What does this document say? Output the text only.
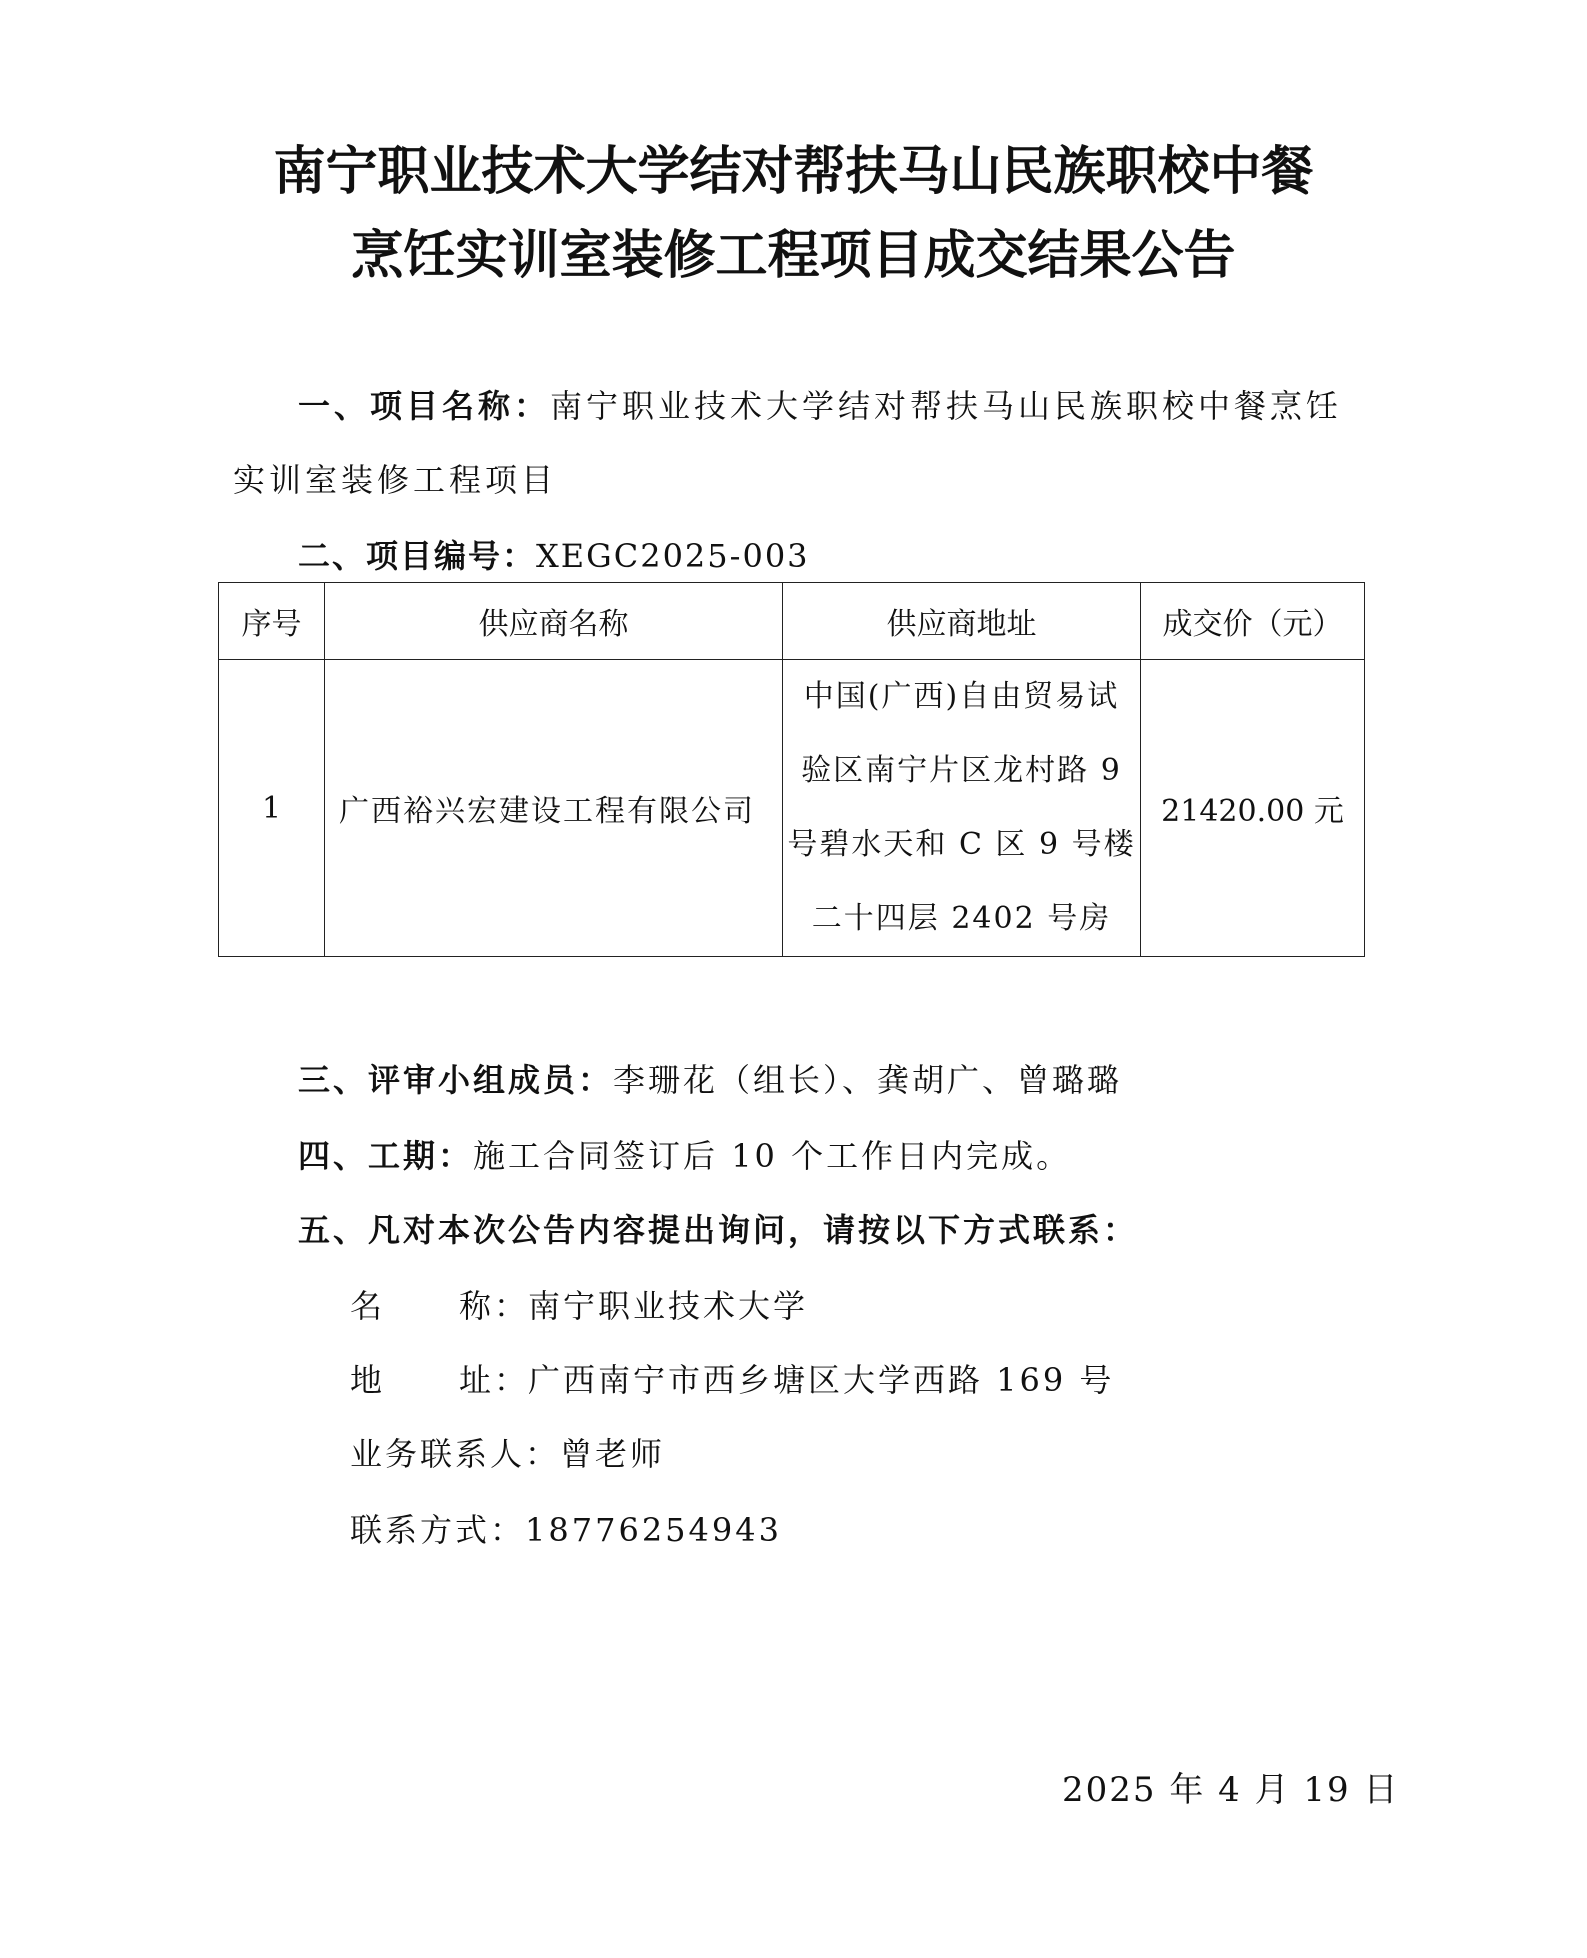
南宁职业技术大学结对帮扶马山民族职校中餐
烹饪实训室装修工程项目成交结果公告
一、项目名称：南宁职业技术大学结对帮扶马山民族职校中餐烹饪
实训室装修工程项目
二、项目编号：XEGC2025-003
序号	供应商名称	供应商地址	成交价（元）
1	广西裕兴宏建设工程有限公司	中国(广西)自由贸易试
验区南宁片区龙村路 9
号碧水天和 C 区 9 号楼
二十四层 2402 号房	21420.00 元
三、评审小组成员：李珊花（组长）、龚胡广、曾璐璐
四、工期：施工合同签订后 10 个工作日内完成。
五、凡对本次公告内容提出询问，请按以下方式联系：
名 称：南宁职业技术大学
地 址：广西南宁市西乡塘区大学西路 169 号
业务联系人：曾老师
联系方式：18776254943
2025 年 4 月 19 日
